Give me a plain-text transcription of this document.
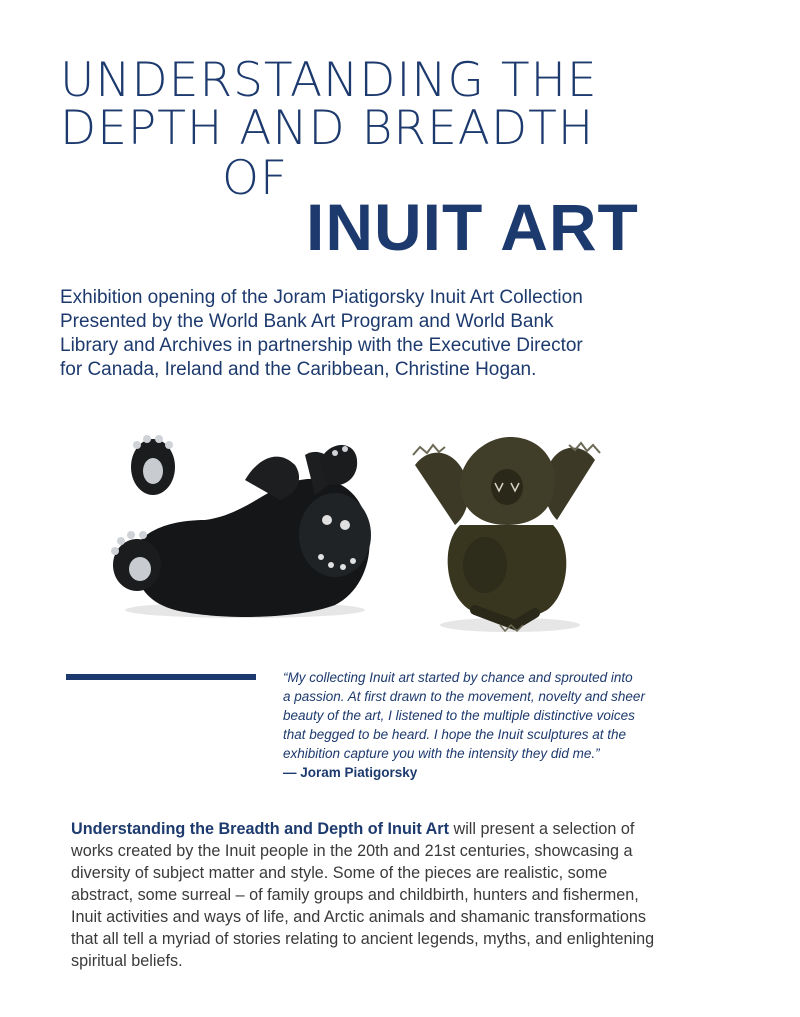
UNDERSTANDING THE
DEPTH AND BREADTH
OF
INUIT ART
Exhibition opening of the Joram Piatigorsky Inuit Art Collection
Presented by the World Bank Art Program and World Bank
Library and Archives in partnership with the Executive Director
for Canada, Ireland and the Caribbean, Christine Hogan.
“My collecting Inuit art started by chance and sprouted into
a passion. At first drawn to the movement, novelty and sheer
beauty of the art, I listened to the multiple distinctive voices
that begged to be heard. I hope the Inuit sculptures at the
exhibition capture you with the intensity they did me.”
— Joram Piatigorsky
Understanding the Breadth and Depth of Inuit Art will present a selection of
works created by the Inuit people in the 20th and 21st centuries, showcasing a
diversity of subject matter and style. Some of the pieces are realistic, some
abstract, some surreal – of family groups and childbirth, hunters and fishermen,
Inuit activities and ways of life, and Arctic animals and shamanic transformations
that all tell a myriad of stories relating to ancient legends, myths, and enlightening
spiritual beliefs.
